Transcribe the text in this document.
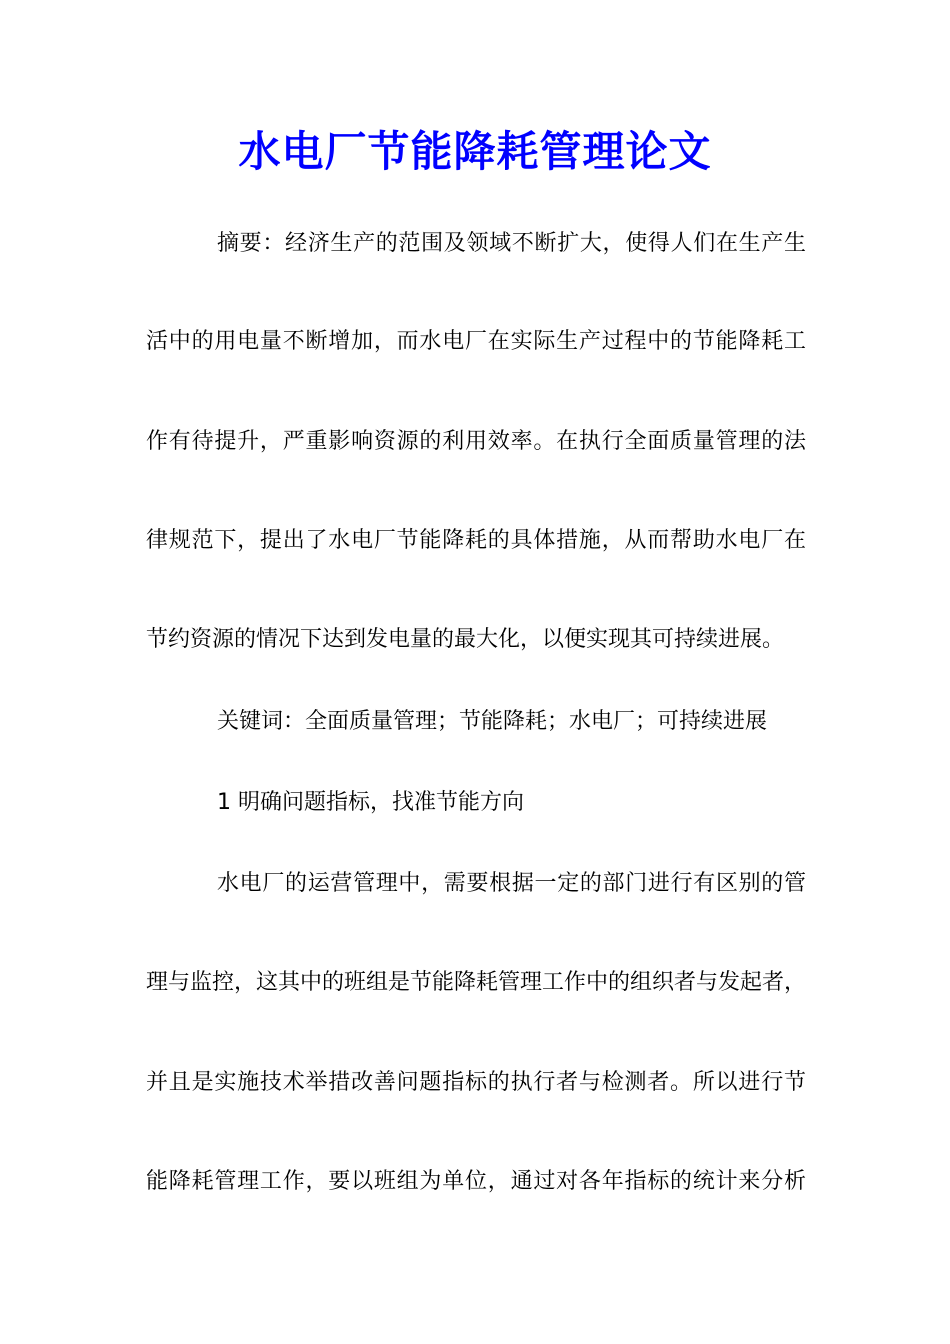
水电厂节能降耗管理论文

摘要：经济生产的范围及领域不断扩大，使得人们在生产生

活中的用电量不断增加，而水电厂在实际生产过程中的节能降耗工

作有待提升，严重影响资源的利用效率。在执行全面质量管理的法

律规范下，提出了水电厂节能降耗的具体措施，从而帮助水电厂在

节约资源的情况下达到发电量的最大化，以便实现其可持续进展。

关键词：全面质量管理；节能降耗；水电厂；可持续进展

1 明确问题指标，找准节能方向

水电厂的运营管理中，需要根据一定的部门进行有区别的管

理与监控，这其中的班组是节能降耗管理工作中的组织者与发起者，

并且是实施技术举措改善问题指标的执行者与检测者。所以进行节

能降耗管理工作，要以班组为单位，通过对各年指标的统计来分析
